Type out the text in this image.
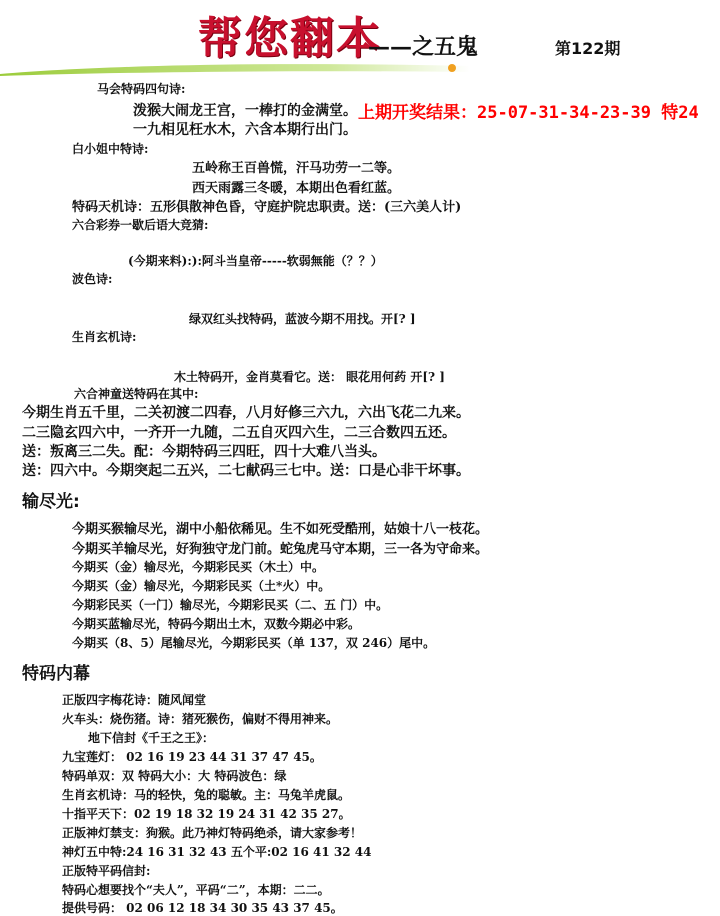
帮您翻本
——之五鬼	第122期
上期开奖结果：25-07-31-34-23-39 特24
马会特码四句诗:
泼猴大闹龙王宫，一棒打的金满堂。
一九相见枉水木，六含本期行出门。
白小姐中特诗:
五岭称王百兽慌，汗马功劳一二等。
西天雨露三冬暖，本期出色看红蓝。
特码天机诗：五形俱散神色昏，守庭护院忠职责。送：(三六美人计)
六合彩券一歇后语大竞猜:
(今期来料):):阿斗当皇帝-----软弱無能（？？）
波色诗:
绿双红头找特码，蓝波今期不用找。开[? ]
生肖玄机诗:
木土特码开，金肖莫看它。送： 眼花用何药 开[? ]
六合神童送特码在其中:
今期生肖五千里，二关初渡二四春，八月好修三六九，六出飞花二九来。
二三隐玄四六中，一齐开一九随，二五自灭四六生，二三合数四五还。
送：叛离三二失。配：今期特码三四旺，四十大难八当头。
送：四六中。今期突起二五兴，二七献码三七中。送：口是心非干坏事。
输尽光:
今期买猴输尽光，湖中小船依稀见。生不如死受酷刑，姑娘十八一枝花。
今期买羊输尽光，好狗独守龙门前。蛇兔虎马守本期，三一各为守命来。
今期买（金）输尽光，今期彩民买（木土）中。
今期买（金）输尽光，今期彩民买（土*火）中。
今期彩民买（一门）输尽光，今期彩民买（二、五 门）中。
今期买蓝输尽光，特码今期出土木，双数今期必中彩。
今期买（8、5）尾输尽光，今期彩民买（单 137，双 246）尾中。
特码内幕
正版四字梅花诗：随风闻堂
火车头：烧伤猪。诗：猪死猴伤，偏财不得用神来。
地下信封《千王之王》：
九宝莲灯： 02 16 19 23 44 31 37 47 45。
特码单双：双 特码大小：大 特码波色：绿
生肖玄机诗：马的轻快，兔的聪敏。主：马兔羊虎鼠。
十指平天下：02 19 18 32 19 24 31 42 35 27。
正版神灯禁支：狗猴。此乃神灯特码绝杀，请大家参考！
神灯五中特:24 16 31 32 43 五个平:02 16 41 32 44
正版特平码信封:
特码心想要找个“夫人”，平码“二”，本期：二二。
提供号码： 02 06 12 18 34 30 35 43 37 45。
